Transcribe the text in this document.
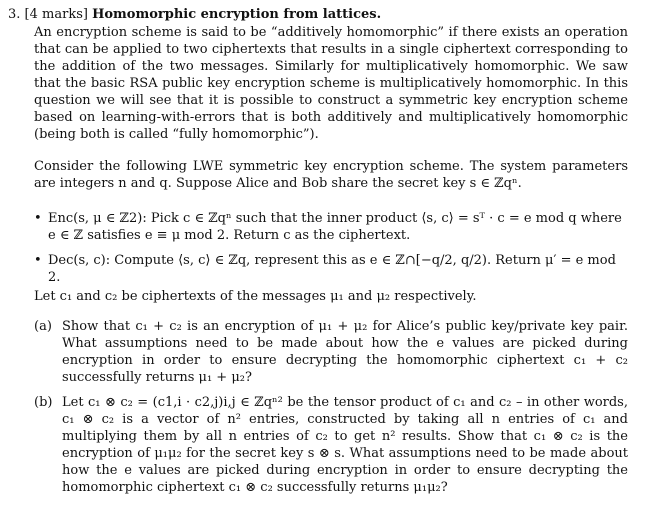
3. [4 marks] Homomorphic encryption from lattices.
An encryption scheme is said to be “additively homomorphic” if there exists an operation that can be applied to two ciphertexts that results in a single ciphertext corresponding to the addition of the two messages. Similarly for multiplicatively homomorphic. We saw that the basic RSA public key encryption scheme is multiplicatively homomorphic. In this question we will see that it is possible to construct a symmetric key encryption scheme based on learning-with-errors that is both additively and multiplicatively homomorphic (being both is called “fully homomorphic”).
Consider the following LWE symmetric key encryption scheme. The system parameters are integers n and q. Suppose Alice and Bob share the secret key s ∈ ℤqⁿ.
• Enc(s, μ ∈ ℤ2): Pick c ∈ ℤqⁿ such that the inner product ⟨s, c⟩ = sᵀ · c = e mod q where e ∈ ℤ satisfies e ≡ μ mod 2. Return c as the ciphertext.
• Dec(s, c): Compute ⟨s, c⟩ ∈ ℤq, represent this as e ∈ ℤ∩[−q/2, q/2). Return μ′ = e mod 2.
Let c₁ and c₂ be ciphertexts of the messages μ₁ and μ₂ respectively.
(a) Show that c₁ + c₂ is an encryption of μ₁ + μ₂ for Alice’s public key/private key pair. What assumptions need to be made about how the e values are picked during encryption in order to ensure decrypting the homomorphic ciphertext c₁ + c₂ successfully returns μ₁ + μ₂?
(b) Let c₁ ⊗ c₂ = (c1,i · c2,j)i,j ∈ ℤqⁿ² be the tensor product of c₁ and c₂ – in other words, c₁ ⊗ c₂ is a vector of n² entries, constructed by taking all n entries of c₁ and multiplying them by all n entries of c₂ to get n² results. Show that c₁ ⊗ c₂ is the encryption of μ₁μ₂ for the secret key s ⊗ s. What assumptions need to be made about how the e values are picked during encryption in order to ensure decrypting the homomorphic ciphertext c₁ ⊗ c₂ successfully returns μ₁μ₂?
